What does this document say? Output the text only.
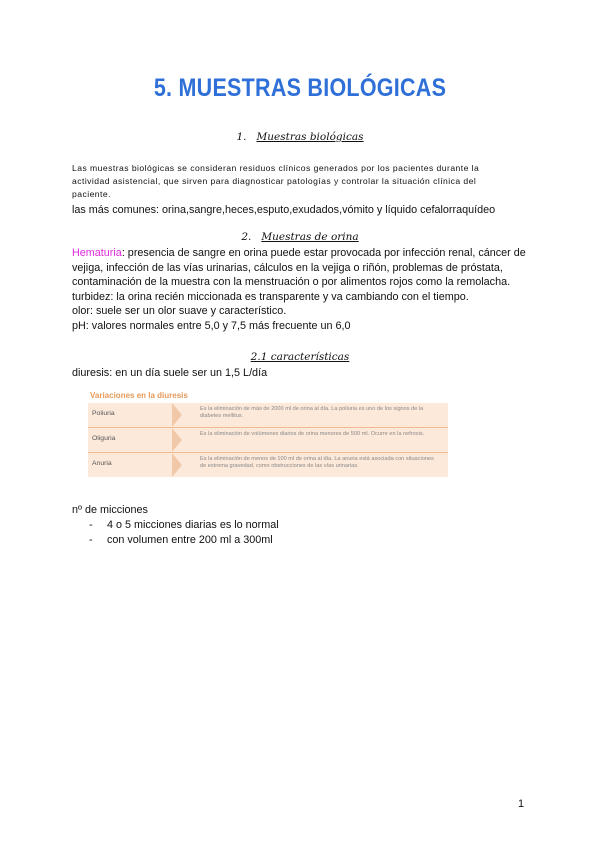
5. MUESTRAS BIOLÓGICAS
1. Muestras biológicas
Las muestras biológicas se consideran residuos clínicos generados por los pacientes durante la actividad asistencial, que sirven para diagnosticar patologías y controlar la situación clínica del paciente.
las más comunes: orina,sangre,heces,esputo,exudados,vómito y líquido cefalorraquídeo
2. Muestras de orina
Hematuria: presencia de sangre en orina puede estar provocada por infección renal, cáncer de vejiga, infección de las vías urinarias, cálculos en la vejiga o riñón, problemas de próstata, contaminación de la muestra con la menstruación o por alimentos rojos como la remolacha.
turbidez: la orina recién miccionada es transparente y va cambiando con el tiempo.
olor: suele ser un olor suave y característico.
pH: valores normales entre 5,0 y 7,5 más frecuente un 6,0
2.1 características
diuresis: en un día suele ser un 1,5 L/día
Variaciones en la diuresis
Poliuria
Es la eliminación de más de 2000 ml de orina al día. La poliuria es uno de los signos de la diabetes mellitus.
Oliguria
Es la eliminación de volúmenes diarios de orina menores de 500 ml. Ocurre en la nefrosis.
Anuria
Es la eliminación de menos de 100 ml de orina al día. La anuria está asociada con situaciones de extrema gravedad, como obstrucciones de las vías urinarias.
nº de micciones
- 4 o 5 micciones diarias es lo normal
- con volumen entre 200 ml a 300ml
1
